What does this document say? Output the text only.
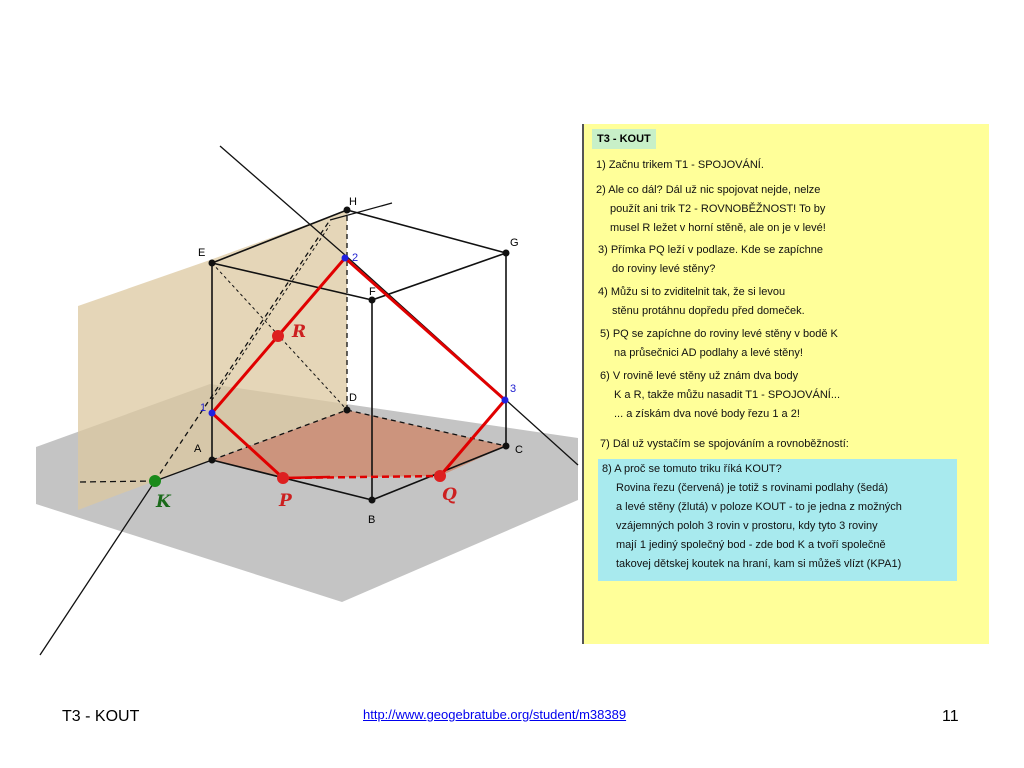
A
B
C
D
E
F
G
H
1
2
3
R
P	Q
K
T3 - KOUT
1) Začnu trikem T1 - SPOJOVÁNÍ.
2) Ale co dál? Dál už nic spojovat nejde, nelze
použít ani trik T2 - ROVNOBĚŽNOST! To by
musel R ležet v horní stěně, ale on je v levé!
3) Přímka PQ leží v podlaze. Kde se zapíchne
do roviny levé stěny?
4) Můžu si to zviditelnit tak, že si levou
stěnu protáhnu dopředu před domeček.
5) PQ se zapíchne do roviny levé stěny v bodě K
na průsečnici AD podlahy a levé stěny!
6) V rovině levé stěny už znám dva body
K a R, takže můžu nasadit T1 - SPOJOVÁNÍ...
... a získám dva nové body řezu 1 a 2!
7) Dál už vystačím se spojováním a rovnoběžností:
8) A proč se tomuto triku říká KOUT?
Rovina řezu (červená) je totiž s rovinami podlahy (šedá)
a levé stěny (žlutá) v poloze KOUT - to je jedna z možných
vzájemných poloh 3 rovin v prostoru, kdy tyto 3 roviny
mají 1 jediný společný bod - zde bod K a tvoří společně
takovej dětskej koutek na hraní, kam si můžeš vlízt (KPA1)
T3 - KOUT	http://www.geogebratube.org/student/m38389	11
